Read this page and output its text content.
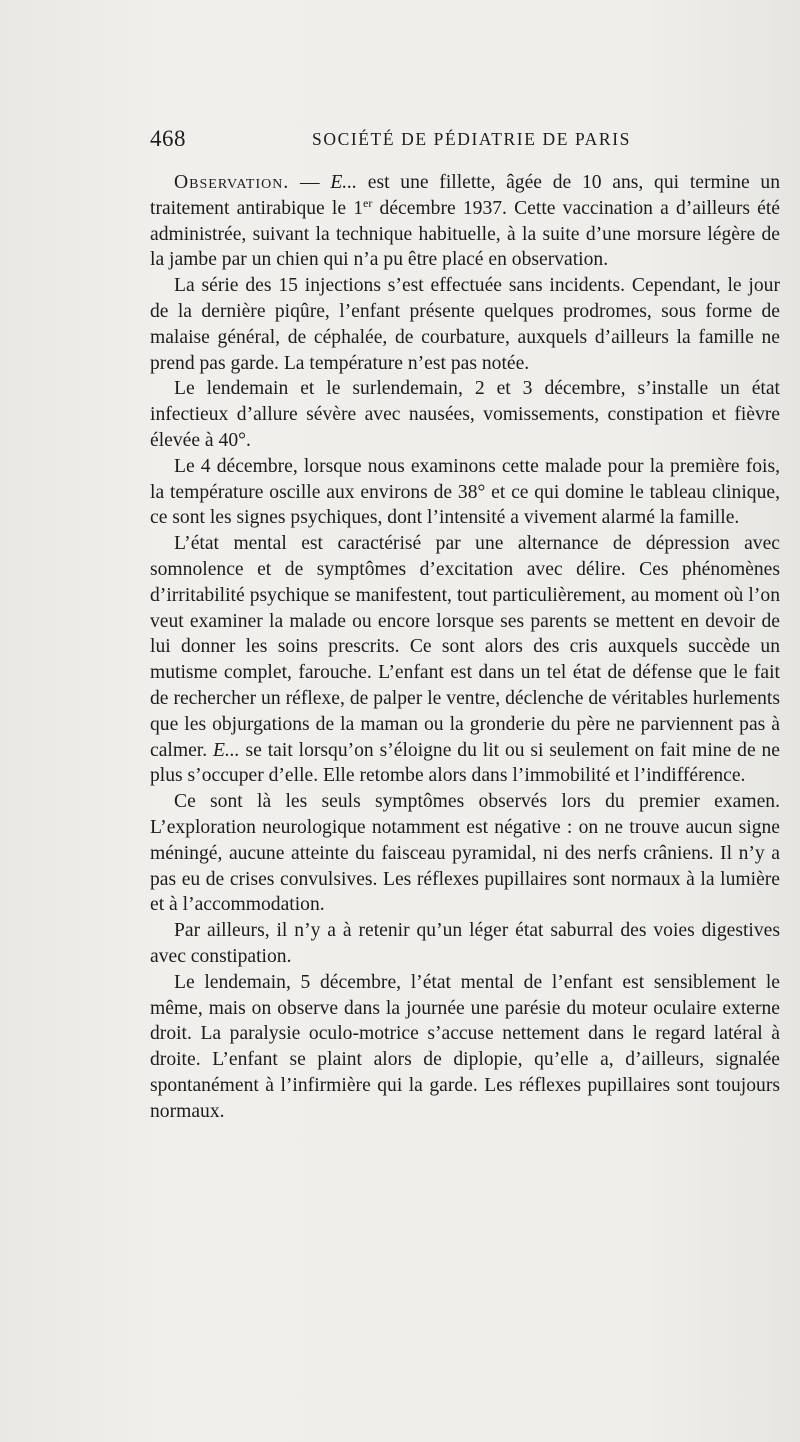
468	SOCIÉTÉ DE PÉDIATRIE DE PARIS

Observation. — E... est une fillette, âgée de 10 ans, qui termine un traitement antirabique le 1er décembre 1937. Cette vaccination a d’ailleurs été administrée, suivant la technique habituelle, à la suite d’une morsure légère de la jambe par un chien qui n’a pu être placé en observation.

La série des 15 injections s’est effectuée sans incidents. Cependant, le jour de la dernière piqûre, l’enfant présente quelques prodromes, sous forme de malaise général, de céphalée, de courbature, auxquels d’ailleurs la famille ne prend pas garde. La température n’est pas notée.

Le lendemain et le surlendemain, 2 et 3 décembre, s’installe un état infectieux d’allure sévère avec nausées, vomissements, constipation et fièvre élevée à 40°.

Le 4 décembre, lorsque nous examinons cette malade pour la première fois, la température oscille aux environs de 38° et ce qui domine le tableau clinique, ce sont les signes psychiques, dont l’intensité a vivement alarmé la famille.

L’état mental est caractérisé par une alternance de dépression avec somnolence et de symptômes d’excitation avec délire. Ces phénomènes d’irritabilité psychique se manifestent, tout particulièrement, au moment où l’on veut examiner la malade ou encore lorsque ses parents se mettent en devoir de lui donner les soins prescrits. Ce sont alors des cris auxquels succède un mutisme complet, farouche. L’enfant est dans un tel état de défense que le fait de rechercher un réflexe, de palper le ventre, déclenche de véritables hurlements que les objurgations de la maman ou la gronderie du père ne parviennent pas à calmer. E... se tait lorsqu’on s’éloigne du lit ou si seulement on fait mine de ne plus s’occuper d’elle. Elle retombe alors dans l’immobilité et l’indifférence.

Ce sont là les seuls symptômes observés lors du premier examen. L’exploration neurologique notamment est négative : on ne trouve aucun signe méningé, aucune atteinte du faisceau pyramidal, ni des nerfs crâniens. Il n’y a pas eu de crises convulsives. Les réflexes pupillaires sont normaux à la lumière et à l’accommodation.

Par ailleurs, il n’y a à retenir qu’un léger état saburral des voies digestives avec constipation.

Le lendemain, 5 décembre, l’état mental de l’enfant est sensiblement le même, mais on observe dans la journée une parésie du moteur oculaire externe droit. La paralysie oculo-motrice s’accuse nettement dans le regard latéral à droite. L’enfant se plaint alors de diplopie, qu’elle a, d’ailleurs, signalée spontanément à l’infirmière qui la garde. Les réflexes pupillaires sont toujours normaux.
